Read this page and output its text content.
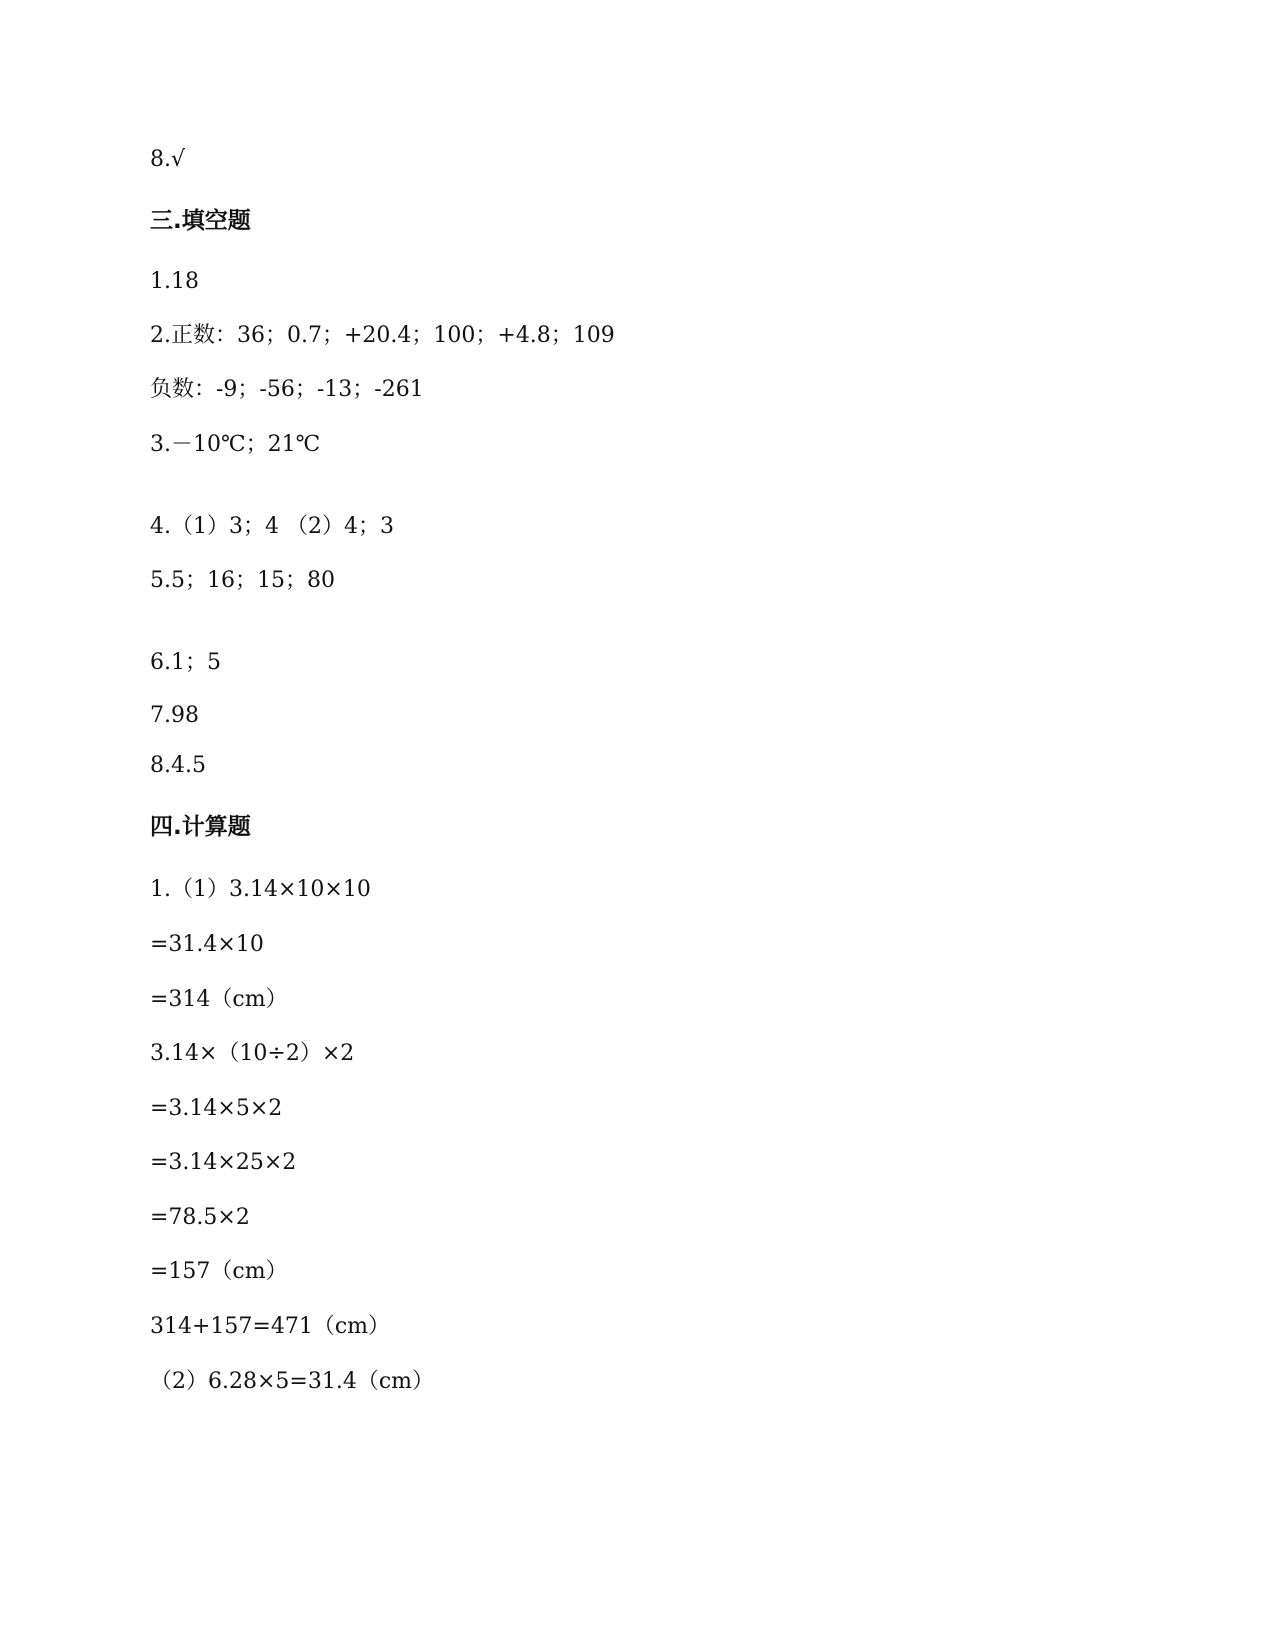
8.√
三.填空题
1.18
2.正数：36；0.7；+20.4；100；+4.8；109
负数：-9；-56；-13；-261
3.－10℃；21℃
4.（1）3；4 （2）4；3
5.5；16；15；80
6.1；5
7.98
8.4.5
四.计算题
1.（1）3.14×10×10
=31.4×10
=314（cm）
3.14×（10÷2）×2
=3.14×5×2
=3.14×25×2
=78.5×2
=157（cm）
314+157=471（cm）
（2）6.28×5=31.4（cm）
